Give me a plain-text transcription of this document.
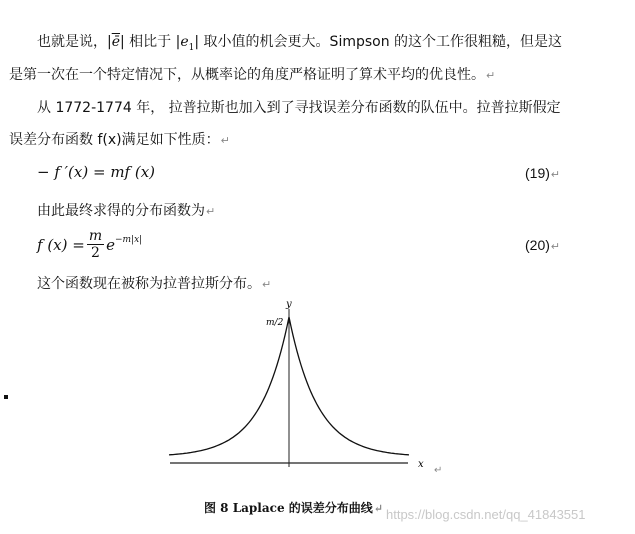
也就是说，$|\overline{ē}|$ 相比于 $|e_1|$ 取小值的机会更大。Simpson 的这个工作很粗糙，但是这
是第一次在一个特定情况下，从概率论的角度严格证明了算术平均的优良性。↵
从 1772-1774 年， 拉普拉斯也加入到了寻找误差分布函数的队伍中。拉普拉斯假定
误差分布函数 f(x)满足如下性质：↵
− f ′(x) = mf (x)	(19)↵
由此最终求得的分布函数为↵
f $(x) = \frac{m}{2} e^{-m|x|}$	(20)↵
这个函数现在被称为拉普拉斯分布。↵
y
x
m/2
↵
图 8 Laplace 的误差分布曲线↵ https://blog.csdn.net/qq_41843551
